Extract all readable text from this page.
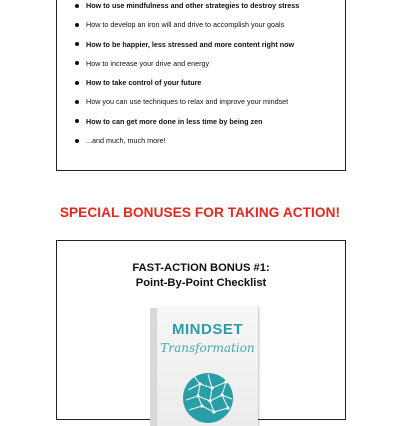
How to use mindfulness and other strategies to destroy stress
How to develop an iron will and drive to accomplish your goals
How to be happier, less stressed and more content right now
How to increase your drive and energy
How to take control of your future
How you can use techniques to relax and improve your mindset
How to can get more done in less time by being zen
...and much, much more!
SPECIAL BONUSES FOR TAKING ACTION!
FAST-ACTION BONUS #1:
Point-By-Point Checklist
MINDSET
Transformation
